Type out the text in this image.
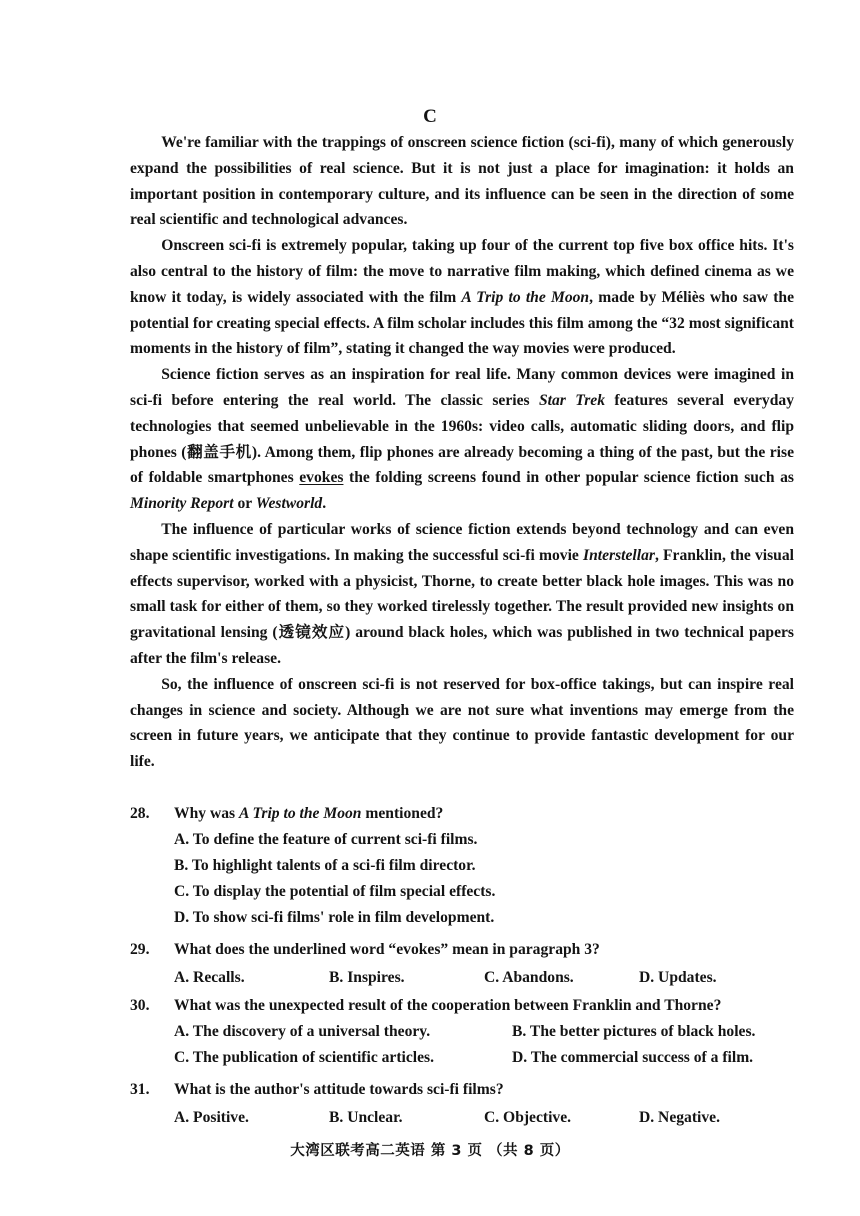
C

We're familiar with the trappings of onscreen science fiction (sci-fi), many of which generously expand the possibilities of real science. But it is not just a place for imagination: it holds an important position in contemporary culture, and its influence can be seen in the direction of some real scientific and technological advances.

Onscreen sci-fi is extremely popular, taking up four of the current top five box office hits. It's also central to the history of film: the move to narrative film making, which defined cinema as we know it today, is widely associated with the film A Trip to the Moon, made by Méliès who saw the potential for creating special effects. A film scholar includes this film among the “32 most significant moments in the history of film”, stating it changed the way movies were produced.

Science fiction serves as an inspiration for real life. Many common devices were imagined in sci-fi before entering the real world. The classic series Star Trek features several everyday technologies that seemed unbelievable in the 1960s: video calls, automatic sliding doors, and flip phones (翻盖手机). Among them, flip phones are already becoming a thing of the past, but the rise of foldable smartphones evokes the folding screens found in other popular science fiction such as Minority Report or Westworld.

The influence of particular works of science fiction extends beyond technology and can even shape scientific investigations. In making the successful sci-fi movie Interstellar, Franklin, the visual effects supervisor, worked with a physicist, Thorne, to create better black hole images. This was no small task for either of them, so they worked tirelessly together. The result provided new insights on gravitational lensing (透镜效应) around black holes, which was published in two technical papers after the film's release.

So, the influence of onscreen sci-fi is not reserved for box-office takings, but can inspire real changes in science and society. Although we are not sure what inventions may emerge from the screen in future years, we anticipate that they continue to provide fantastic development for our life.

28.	Why was A Trip to the Moon mentioned?
A. To define the feature of current sci-fi films.
B. To highlight talents of a sci-fi film director.
C. To display the potential of film special effects.
D. To show sci-fi films' role in film development.
29.	What does the underlined word “evokes” mean in paragraph 3?
A. Recalls.	B. Inspires.	C. Abandons.	D. Updates.
30.	What was the unexpected result of the cooperation between Franklin and Thorne?
A. The discovery of a universal theory.	B. The better pictures of black holes.
C. The publication of scientific articles.	D. The commercial success of a film.
31.	What is the author's attitude towards sci-fi films?
A. Positive.	B. Unclear.	C. Objective.	D. Negative.
大湾区联考高二英语 第 3 页 （共 8 页）
